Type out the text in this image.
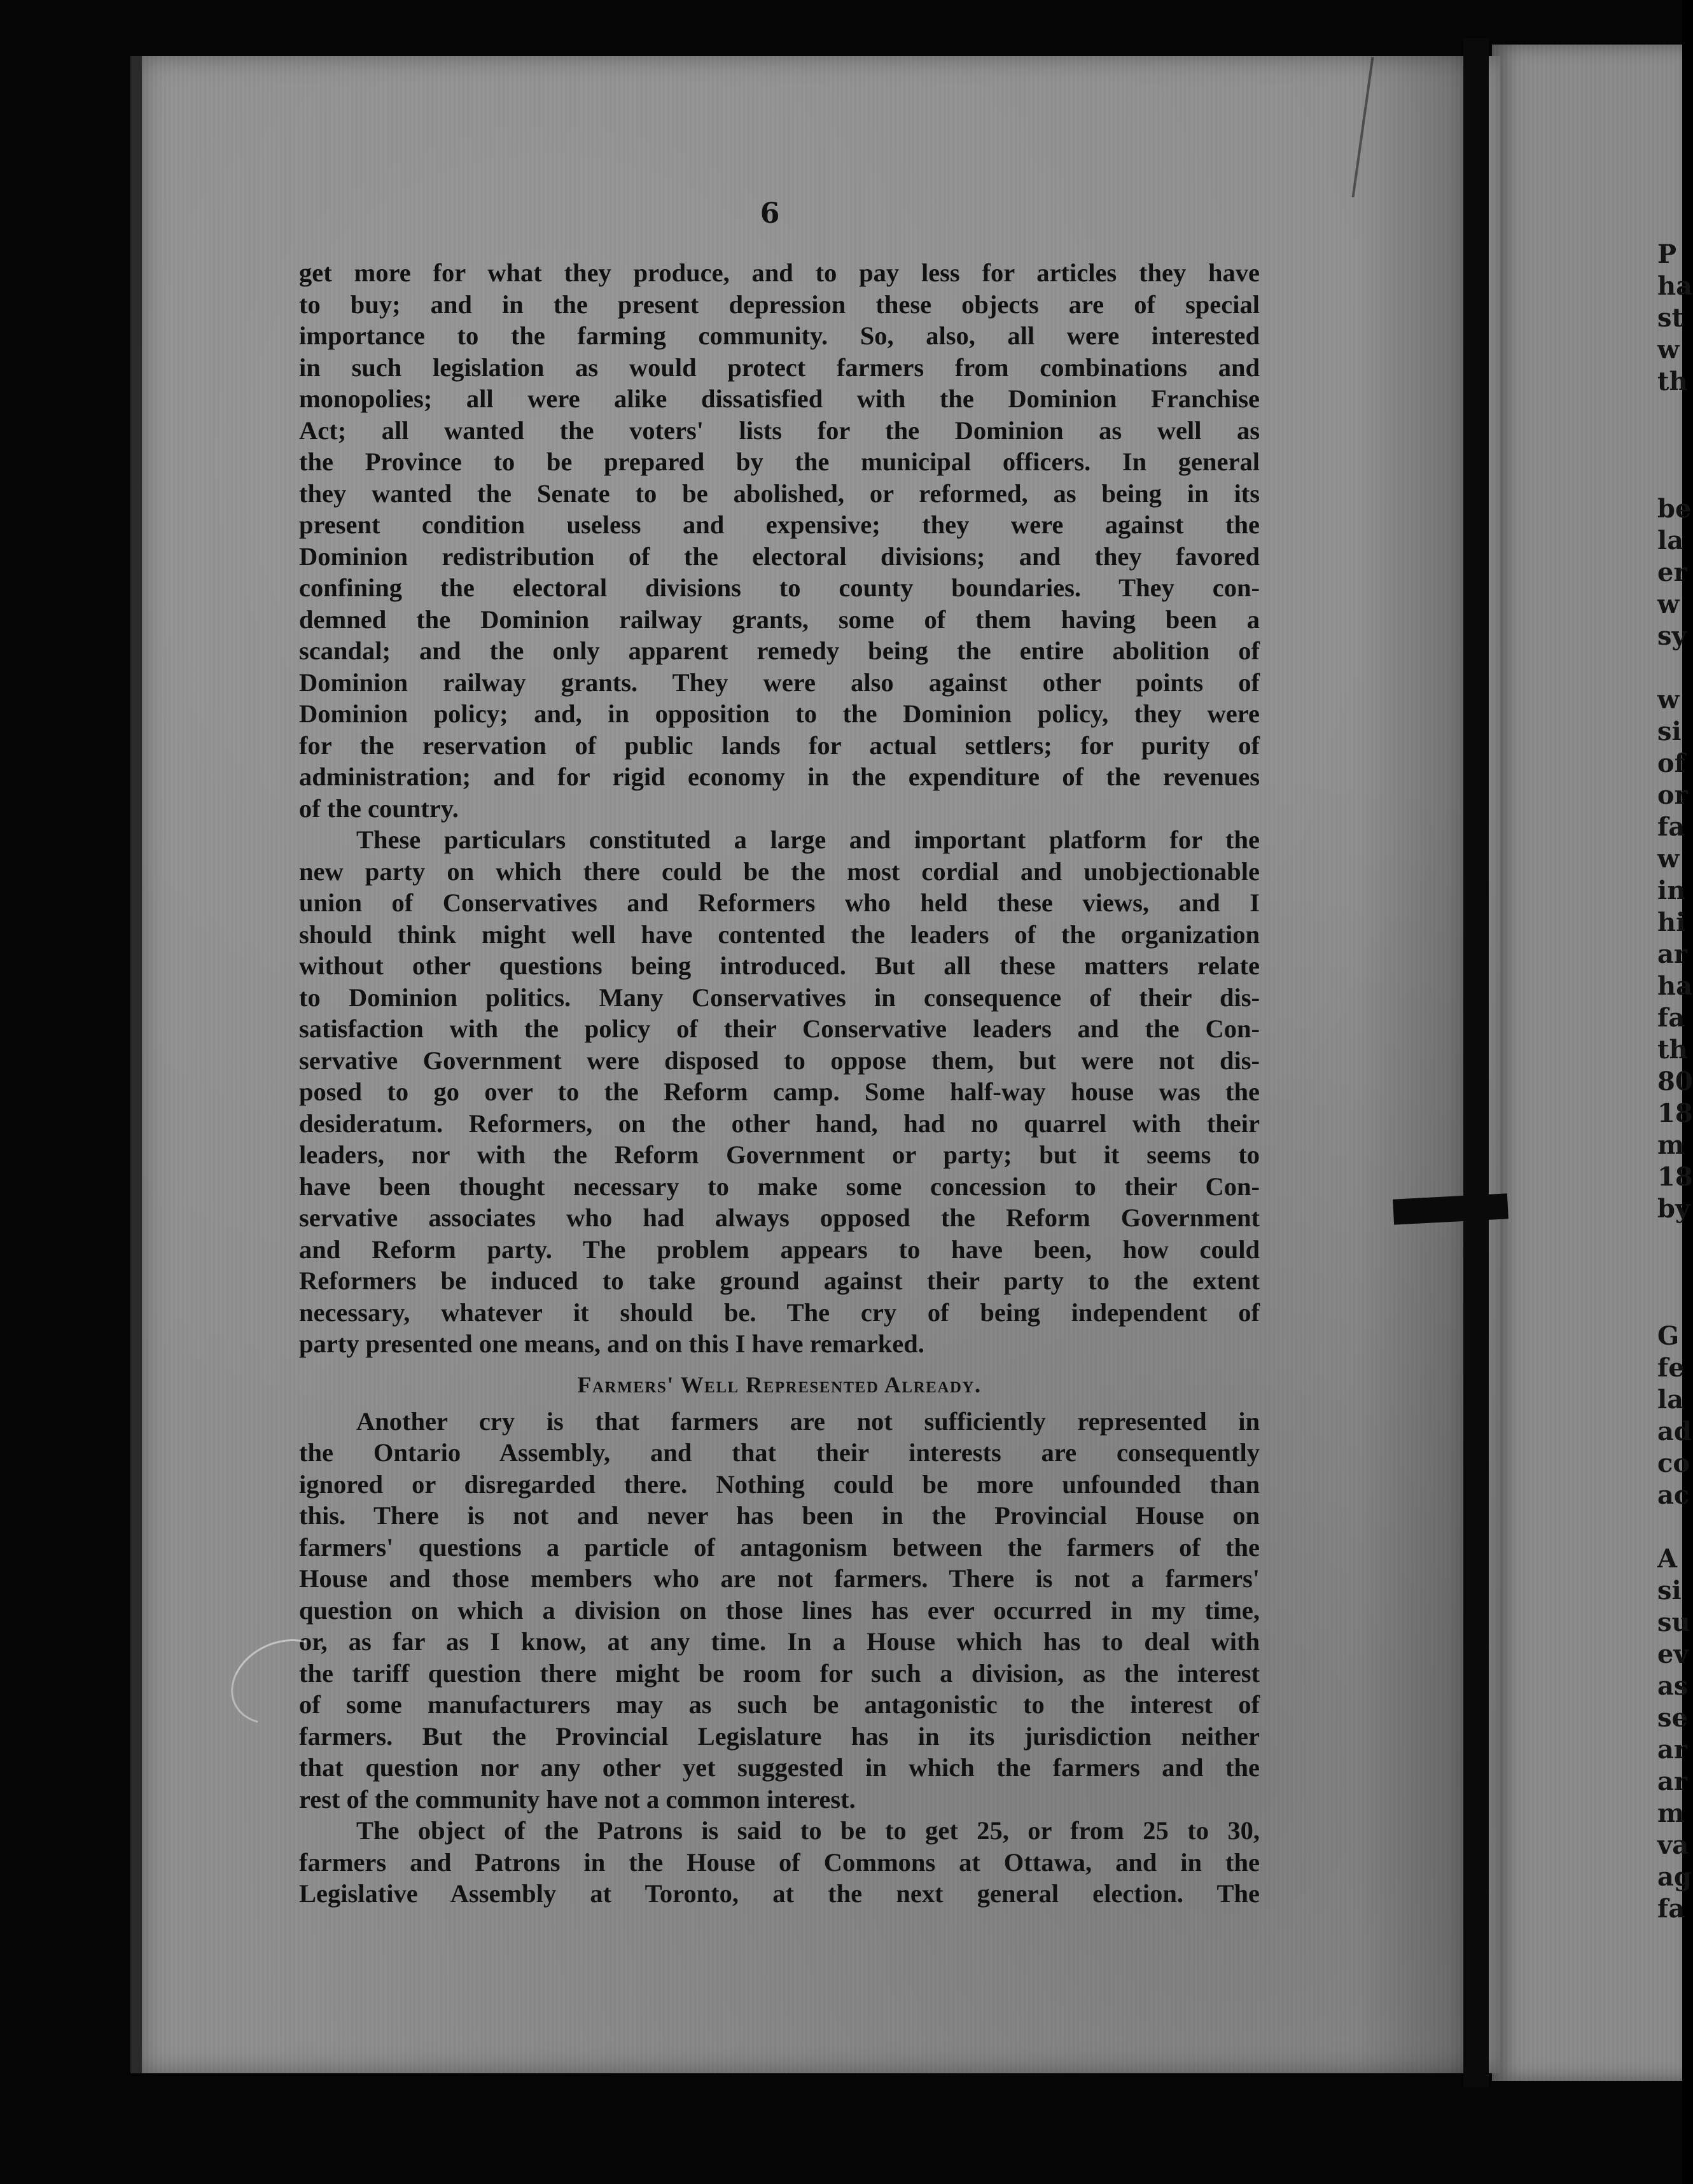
P
ha
st
w
th
be
la
er
w
sy
w
si
of
or
fa
w
in
hi
ar
ha
fa
th
80
18
m
18
by
G
fe
la
ad
co
ac
A
si
su
ev
as
se
ar
ar
m
va
ag
fa
6
get more for what they produce, and to pay less for articles they have
to buy; and in the present depression these objects are of special
importance to the farming community. So, also, all were interested
in such legislation as would protect farmers from combinations and
monopolies; all were alike dissatisfied with the Dominion Franchise
Act; all wanted the voters' lists for the Dominion as well as
the Province to be prepared by the municipal officers. In general
they wanted the Senate to be abolished, or reformed, as being in its
present condition useless and expensive; they were against the
Dominion redistribution of the electoral divisions; and they favored
confining the electoral divisions to county boundaries. They con-
demned the Dominion railway grants, some of them having been a
scandal; and the only apparent remedy being the entire abolition of
Dominion railway grants. They were also against other points of
Dominion policy; and, in opposition to the Dominion policy, they were
for the reservation of public lands for actual settlers; for purity of
administration; and for rigid economy in the expenditure of the revenues
of the country.
These particulars constituted a large and important platform for the
new party on which there could be the most cordial and unobjectionable
union of Conservatives and Reformers who held these views, and I
should think might well have contented the leaders of the organization
without other questions being introduced. But all these matters relate
to Dominion politics. Many Conservatives in consequence of their dis-
satisfaction with the policy of their Conservative leaders and the Con-
servative Government were disposed to oppose them, but were not dis-
posed to go over to the Reform camp. Some half-way house was the
desideratum. Reformers, on the other hand, had no quarrel with their
leaders, nor with the Reform Government or party; but it seems to
have been thought necessary to make some concession to their Con-
servative associates who had always opposed the Reform Government
and Reform party. The problem appears to have been, how could
Reformers be induced to take ground against their party to the extent
necessary, whatever it should be. The cry of being independent of
party presented one means, and on this I have remarked.
Farmers' Well Represented Already.
Another cry is that farmers are not sufficiently represented in
the Ontario Assembly, and that their interests are consequently
ignored or disregarded there. Nothing could be more unfounded than
this. There is not and never has been in the Provincial House on
farmers' questions a particle of antagonism between the farmers of the
House and those members who are not farmers. There is not a farmers'
question on which a division on those lines has ever occurred in my time,
or, as far as I know, at any time. In a House which has to deal with
the tariff question there might be room for such a division, as the interest
of some manufacturers may as such be antagonistic to the interest of
farmers. But the Provincial Legislature has in its jurisdiction neither
that question nor any other yet suggested in which the farmers and the
rest of the community have not a common interest.
The object of the Patrons is said to be to get 25, or from 25 to 30,
farmers and Patrons in the House of Commons at Ottawa, and in the
Legislative Assembly at Toronto, at the next general election. The
